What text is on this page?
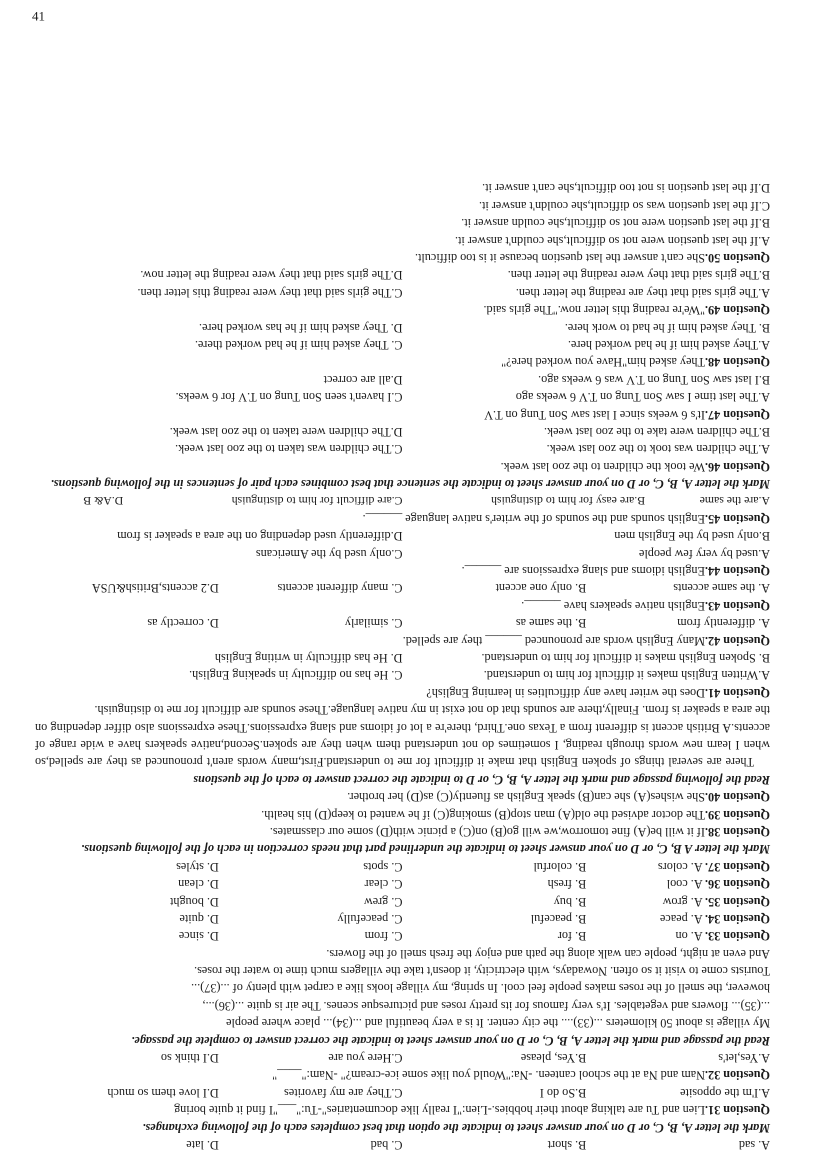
A. sad
B. short
C. bad
D. late
Mark the letter A, B, C, or D on your answer sheet to indicate the option that best completes each of the following exchanges.
Question 31.Lien and Tu are talking about their hobbies.-Lien:"I really like documentaries"-Tu:"___"I find it quite boring
A.I'm the opposite
B.So do I
C.They are my favorites
D.I love them so much
Question 32.Nam and Na at the school canteen. -Na:"Would you like some ice-cream?" -Nam:"____"
A.Yes,let's
B.Yes, please
C.Here you are
D.I think so
Read the passage and mark the letter A, B, C, or D on your answer sheet to indicate the correct answer to complete the passage.
My village is about 50 kilometers ...(33).... the city center. It is a very beautiful and ...(34)... place where people
...(35)... flowers and vegetables. It's very famous for its pretty roses and picturesque scenes. The air is quite ...(36)...,
however, the smell of the roses makes people feel cool. In spring, my village looks like a carpet with plenty of ...(37)...
Tourists come to visit it so often. Nowadays, with electricity, it doesn't take the villagers much time to water the roses.
And even at night, people can walk along the path and enjoy the fresh smell of the flowers.
Question 33. A. on
B. for
C. from
D. since
Question 34. A. peace
B. peaceful
C. peacefully
D. quite
Question 35. A. grow
B. buy
C. grew
D. bought
Question 36. A. cool
B. fresh
C. clear
D. clean
Question 37. A. colors
B. colorful
C. spots
D. styles
Mark the letter A B, C, or D on your answer sheet to indicate the underlined part that needs correction in each of the following questions.
Question 38.If it will be(A) fine tomorrow,we will go(B) on(C) a picnic with(D) some our classmates.
Question 39.The doctor advised the old(A) man stop(B) smoking(C) if he wanted to keep(D) his health.
Question 40.She wishes(A) she can(B) speak English as fluently(C) as(D) her brother.
Read the following passage and mark the letter A, B, C, or D to indicate the correct answer to each of the questions
There are several things of spoken English that make it difficult for me to understand.First,many words aren't pronounced as they are spelled,so when I learn new words through reading, I sometimes do not understand them when they are spoken.Second,native speakers have a wide range of accents.A British accent is different from a Texas one.Third, there're a lot of idioms and slang expressions.These expressions also differ depending on the area a speaker is from. Finally,there are sounds that do not exist in my native language.These sounds are difficult for me to distinguish.
Question 41.Does the writer have any difficulties in learning English?
A.Written English makes it difficult for him to understand.
C. He has no difficulty in speaking English.
B. Spoken English makes it difficult for him to understand.
D. He has difficulty in writing English
Question 42.Many English words are pronounced ______ they are spelled.
A. differently from
B. the same as
C. similarly
D. correctly as
Question 43.English native speakers have ______.
A. the same accents
B. only one accent
C. many different accents
D.2 accents,British&USA
Question 44.English idioms and slang expressions are ______.
A.used by very few people
C.only used by the Americans
B.only used by the English men
D.differently used depending on the area a speaker is from
Question 45.English sounds and the sounds of the writer's native language ______.
A.are the same
B.are easy for him to distinguish
C.are difficult for him to distinguish
D.A& B
Mark the letter A, B, C, or D on your answer sheet to indicate the sentence that best combines each pair of sentences in the following questions.
Question 46.We took the children to the zoo last week.
A.The children was took to the zoo last week.
C.The children was taken to the zoo last week.
B.The children were take to the zoo last week.
D.The children were taken to the zoo last week.
Question 47.It's 6 weeks since I last saw Son Tung on T.V
A.The last time I saw Son Tung on T.V 6 weeks ago
C.I haven't seen Son Tung on T.V for 6 weeks.
B.I last saw Son Tung on T.V was 6 weeks ago.
D.all are correct
Question 48.They asked him"Have you worked here?"
A.They asked him if he had worked here.
C. They asked him if he had worked there.
B. They asked him if he had to work here.
D. They asked him if he has worked here.
Question 49."We're reading this letter now."The girls said.
A.The girls said that they are reading the letter then.
C.The girls said that they were reading this letter then.
B.The girls said that they were reading the letter then.
D.The girls said that they were reading the letter now.
Question 50.She can't answer the last question because it is too difficult.
A.If the last question were not so difficult,she couldn't answer it.
B.If the last question were not so difficult,she couldn answer it.
C.If the last question was so difficult,she couldn't answer it.
D.If the last question is not too difficult,she can't answer it.
41
